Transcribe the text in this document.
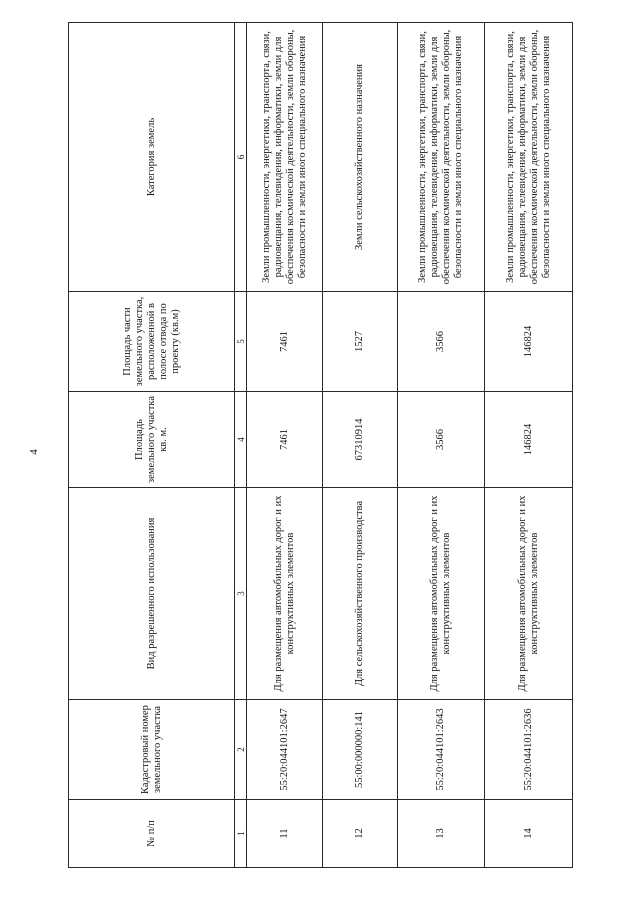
4
№ п/п	Кадастровый номер земельного участка	Вид разрешенного использования	Площадь земельного участка кв. м.	Площадь части земельного участка, расположенной в полосе отвода по проекту (кв.м)	Категория земель
1	2	3	4	5	6
11	55:20:044101:2647	Для размещения автомобильных дорог и их конструктивных элементов	7461	7461	Земли промышленности, энергетики, транспорта, связи, радиовещания, телевидения, информатики, земли для обеспечения космической деятельности, земли обороны, безопасности и земли иного специального назначения
12	55:00:000000:141	Для сельскохозяйственного производства	67310914	1527	Земли сельскохозяйственного назначения
13	55:20:044101:2643	Для размещения автомобильных дорог и их конструктивных элементов	3566	3566	Земли промышленности, энергетики, транспорта, связи, радиовещания, телевидения, информатики, земли для обеспечения космической деятельности, земли обороны, безопасности и земли иного специального назначения
14	55:20:044101:2636	Для размещения автомобильных дорог и их конструктивных элементов	146824	146824	Земли промышленности, энергетики, транспорта, связи, радиовещания, телевидения, информатики, земли для обеспечения космической деятельности, земли обороны, безопасности и земли иного специального назначения
